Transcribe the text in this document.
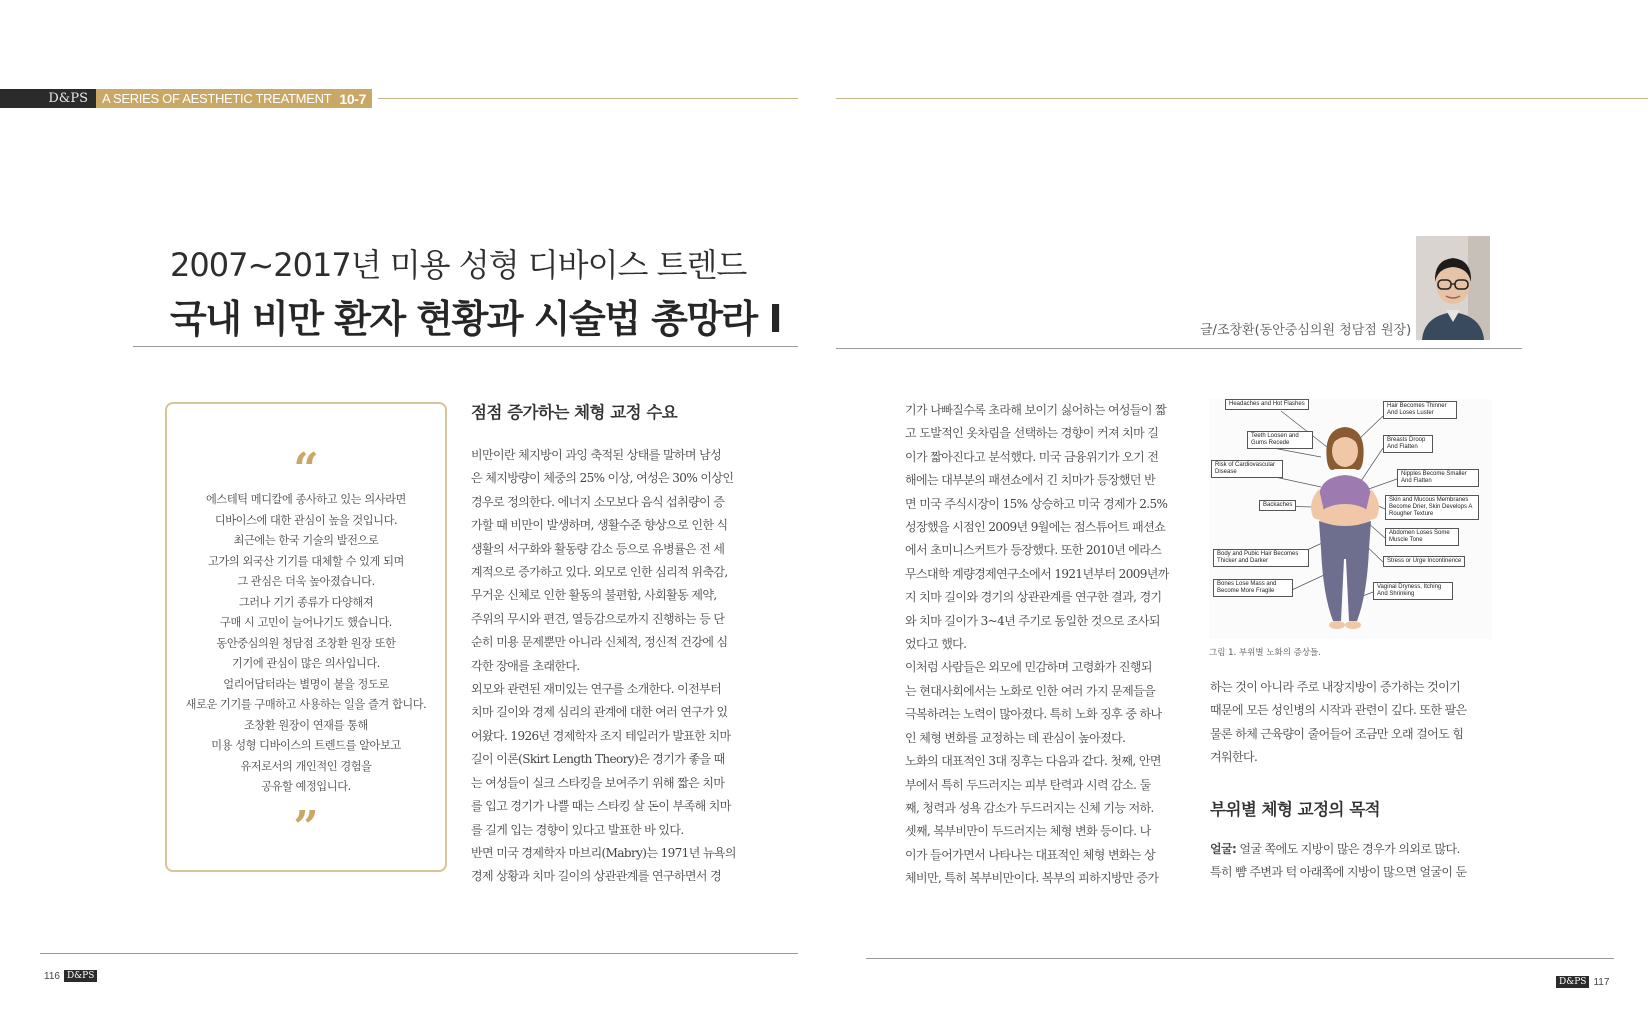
D&PS	A SERIES OF AESTHETIC TREATMENT 10-7
2007~2017년 미용 성형 디바이스 트렌드
국내 비만 환자 현황과 시술법 총망라 I	글/조창환(동안중심의원 청담점 원장)
“
에스테틱 메디칼에 종사하고 있는 의사라면
디바이스에 대한 관심이 높을 것입니다.
최근에는 한국 기술의 발전으로
고가의 외국산 기기를 대체할 수 있게 되며
그 관심은 더욱 높아졌습니다.
그러나 기기 종류가 다양해져
구매 시 고민이 늘어나기도 했습니다.
동안중심의원 청담점 조창환 원장 또한
기기에 관심이 많은 의사입니다.
얼리어답터라는 별명이 붙을 정도로
새로운 기기를 구매하고 사용하는 일을 즐겨 합니다.
조창환 원장이 연재를 통해
미용 성형 디바이스의 트렌드를 알아보고
유저로서의 개인적인 경험을
공유할 예정입니다.
”
점점 증가하는 체형 교정 수요
비만이란 체지방이 과잉 축적된 상태를 말하며 남성
은 체지방량이 체중의 25% 이상, 여성은 30% 이상인
경우로 정의한다. 에너지 소모보다 음식 섭취량이 증
가할 때 비만이 발생하며, 생활수준 향상으로 인한 식
생활의 서구화와 활동량 감소 등으로 유병률은 전 세
계적으로 증가하고 있다. 외모로 인한 심리적 위축감,
무거운 신체로 인한 활동의 불편함, 사회활동 제약,
주위의 무시와 편견, 열등감으로까지 진행하는 등 단
순히 미용 문제뿐만 아니라 신체적, 정신적 건강에 심
각한 장애를 초래한다.
외모와 관련된 재미있는 연구를 소개한다. 이전부터
치마 길이와 경제 심리의 관계에 대한 여러 연구가 있
어왔다. 1926년 경제학자 조지 테일러가 발표한 치마
길이 이론(Skirt Length Theory)은 경기가 좋을 때
는 여성들이 실크 스타킹을 보여주기 위해 짧은 치마
를 입고 경기가 나쁠 때는 스타킹 살 돈이 부족해 치마
를 길게 입는 경향이 있다고 발표한 바 있다.
반면 미국 경제학자 마브리(Mabry)는 1971년 뉴욕의
경제 상황과 치마 길이의 상관관계를 연구하면서 경
기가 나빠질수록 초라해 보이기 싫어하는 여성들이 짧
고 도발적인 옷차림을 선택하는 경향이 커져 치마 길
이가 짧아진다고 분석했다. 미국 금융위기가 오기 전
해에는 대부분의 패션쇼에서 긴 치마가 등장했던 반
면 미국 주식시장이 15% 상승하고 미국 경제가 2.5%
성장했을 시점인 2009년 9월에는 점스튜어트 패션쇼
에서 초미니스커트가 등장했다. 또한 2010년 에라스
무스대학 계량경제연구소에서 1921년부터 2009년까
지 치마 길이와 경기의 상관관계를 연구한 결과, 경기
와 치마 길이가 3~4년 주기로 동일한 것으로 조사되
었다고 했다.
이처럼 사람들은 외모에 민감하며 고령화가 진행되
는 현대사회에서는 노화로 인한 여러 가지 문제들을
극복하려는 노력이 많아졌다. 특히 노화 징후 중 하나
인 체형 변화를 교정하는 데 관심이 높아졌다.
노화의 대표적인 3대 징후는 다음과 같다. 첫째, 안면
부에서 특히 두드러지는 피부 탄력과 시력 감소. 둘
째, 청력과 성욕 감소가 두드러지는 신체 기능 저하.
셋째, 복부비만이 두드러지는 체형 변화 등이다. 나
이가 들어가면서 나타나는 대표적인 체형 변화는 상
체비만, 특히 복부비만이다. 복부의 피하지방만 증가
Headaches and Hot Flashes
Teeth Loosen and Gums Recede
Risk of Cardiovascular Disease
Backaches
Body and Pubic Hair Becomes Thicker and Darker
Bones Lose Mass and Become More Fragile
Hair Becomes Thinner And Loses Luster
Breasts Droop And Flatten
Nipples Become Smaller And Flatten
Skin and Mucous Membranes Become Drier, Skin Develops A Rougher Texture
Abdomen Loses Some Muscle Tone
Stress or Urge Incontinence
Vaginal Dryness, Itching And Shrinking
그림 1. 부위별 노화의 증상들.
하는 것이 아니라 주로 내장지방이 증가하는 것이기
때문에 모든 성인병의 시작과 관련이 깊다. 또한 팔은
물론 하체 근육량이 줄어들어 조금만 오래 걸어도 힘
겨워한다.
부위별 체형 교정의 목적
얼굴: 얼굴 쪽에도 지방이 많은 경우가 의외로 많다.
특히 뺨 주변과 턱 아래쪽에 지방이 많으면 얼굴이 둔
116 D&PS
D&PS 117
